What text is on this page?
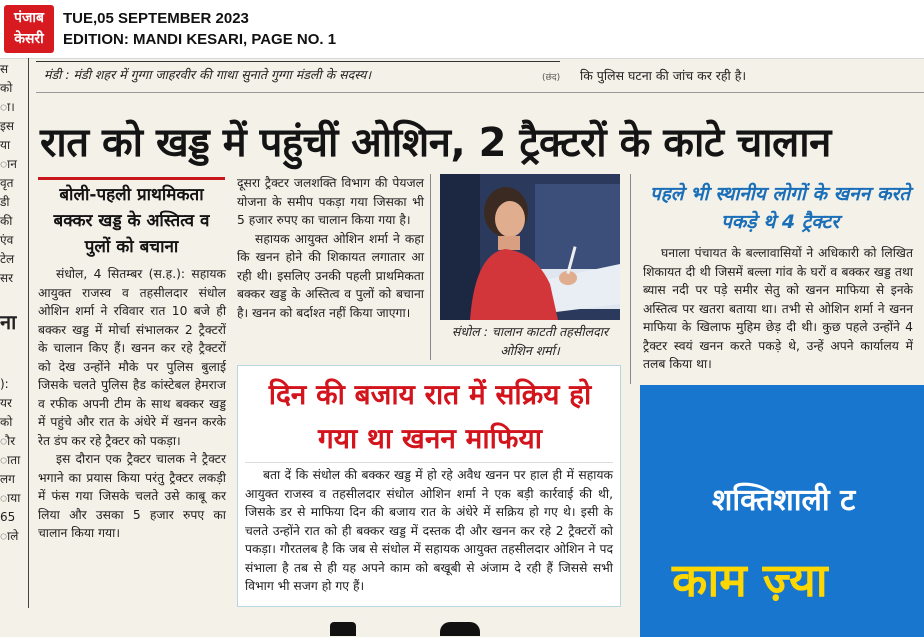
पंजाब
केसरी
TUE,05 SEPTEMBER 2023
EDITION: MANDI KESARI, PAGE NO. 1
स
को
ा।
इस
या
ान
वृत
डी
की
एंव
टेल
सर

ना

):
यर
को
ौर
ाता
लग
ाया
65
ाले
मंडी : मंडी शहर में गुग्गा जाहरवीर की गाथा सुनाते गुग्गा मंडली के सदस्य।	(छंद) कि पुलिस घटना की जांच कर रही है।
रात को खड्ड में पहुंचीं ओशिन, 2 ट्रैक्टरों के काटे चालान
बोली-पहली प्राथमिकता बक्कर खड्ड के अस्तित्व व पुलों को बचाना
संधोल, 4 सितम्बर (स.ह.): सहायक आयुक्त राजस्व व तहसीलदार संधोल ओशिन शर्मा ने रविवार रात 10 बजे ही बक्कर खड्ड में मोर्चा संभालकर 2 ट्रैक्टरों के चालान किए हैं। खनन कर रहे ट्रैक्टरों को देख उन्होंने मौके पर पुलिस बुलाई जिसके चलते पुलिस हैड कांस्टेबल हेमराज व रफीक अपनी टीम के साथ बक्कर खड्ड में पहुंचे और रात के अंधेरे में खनन करके रेत डंप कर रहे ट्रैक्टर को पकड़ा।
इस दौरान एक ट्रैक्टर चालक ने ट्रैक्टर भगाने का प्रयास किया परंतु ट्रैक्टर लकड़ी में फंस गया जिसके चलते उसे काबू कर लिया और उसका 5 हजार रुपए का चालान किया गया।
दूसरा ट्रैक्टर जलशक्ति विभाग की पेयजल योजना के समीप पकड़ा गया जिसका भी 5 हजार रुपए का चालान किया गया है।
सहायक आयुक्त ओशिन शर्मा ने कहा कि खनन होने की शिकायत लगातार आ रही थी। इसलिए उनकी पहली प्राथमिकता बक्कर खड्ड के अस्तित्व व पुलों को बचाना है। खनन को बर्दाश्त नहीं किया जाएगा।
संधोल : चालान काटती तहसीलदार ओशिन शर्मा।
दिन की बजाय रात में सक्रिय हो गया था खनन माफिया
बता दें कि संधोल की बक्कर खड्ड में हो रहे अवैध खनन पर हाल ही में सहायक आयुक्त राजस्व व तहसीलदार संधोल ओशिन शर्मा ने एक बड़ी कार्रवाई की थी, जिसके डर से माफिया दिन की बजाय रात के अंधेरे में सक्रिय हो गए थे। इसी के चलते उन्होंने रात को ही बक्कर खड्ड में दस्तक दी और खनन कर रहे 2 ट्रैक्टरों को पकड़ा। गौरतलब है कि जब से संधोल में सहायक आयुक्त तहसीलदार ओशिन ने पद संभाला है तब से ही यह अपने काम को बखूबी से अंजाम दे रही हैं जिससे सभी विभाग भी सजग हो गए हैं।
पहले भी स्थानीय लोगों के खनन करते पकड़े थे 4 ट्रैक्टर
घनाला पंचायत के बल्लावासियों ने अधिकारी को लिखित शिकायत दी थी जिसमें बल्ला गांव के घरों व बक्कर खड्ड तथा ब्यास नदी पर पड़े समीर सेतु को खनन माफिया से इनके अस्तित्व पर खतरा बताया था। तभी से ओशिन शर्मा ने खनन माफिया के खिलाफ मुहिम छेड़ दी थी। कुछ पहले उन्होंने 4 ट्रैक्टर स्वयं खनन करते पकड़े थे, उन्हें अपने कार्यालय में तलब किया था।
शक्तिशाली ट
काम ज़्या
